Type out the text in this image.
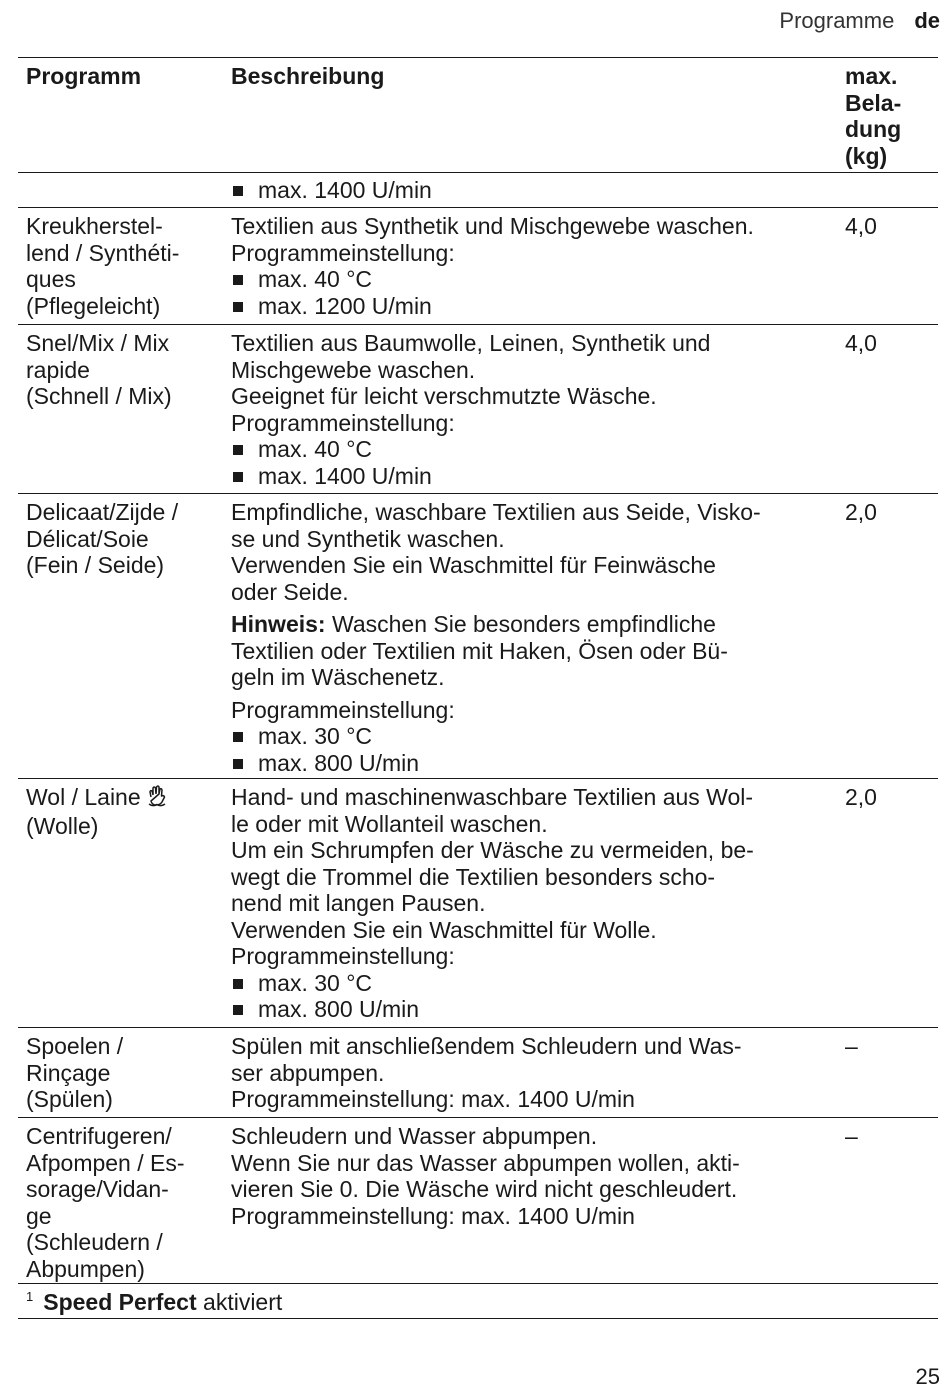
Programme de
Programm	Beschreibung	max.
Bela-
dung
(kg)
max. 1400 U/min
Kreukherstel-
lend / Synthéti-
ques
(Pflegeleicht)
Textilien aus Synthetik und Mischgewebe waschen.
Programmeinstellung:
max. 40 °C
max. 1200 U/min
4,0
Snel/Mix / Mix
rapide
(Schnell / Mix)
Textilien aus Baumwolle, Leinen, Synthetik und
Mischgewebe waschen.
Geeignet für leicht verschmutzte Wäsche.
Programmeinstellung:
max. 40 °C
max. 1400 U/min
4,0
Delicaat/Zijde /
Délicat/Soie
(Fein / Seide)
Empfindliche, waschbare Textilien aus Seide, Visko-
se und Synthetik waschen.
Verwenden Sie ein Waschmittel für Feinwäsche
oder Seide.
Hinweis: Waschen Sie besonders empfindliche
Textilien oder Textilien mit Haken, Ösen oder Bü-
geln im Wäschenetz.
Programmeinstellung:
max. 30 °C
max. 800 U/min
2,0
Wol / Laine
(Wolle)
Hand- und maschinenwaschbare Textilien aus Wol-
le oder mit Wollanteil waschen.
Um ein Schrumpfen der Wäsche zu vermeiden, be-
wegt die Trommel die Textilien besonders scho-
nend mit langen Pausen.
Verwenden Sie ein Waschmittel für Wolle.
Programmeinstellung:
max. 30 °C
max. 800 U/min
2,0
Spoelen /
Rinçage
(Spülen)
Spülen mit anschließendem Schleudern und Was-
ser abpumpen.
Programmeinstellung: max. 1400 U/min
–
Centrifugeren/
Afpompen / Es-
sorage/Vidan-
ge
(Schleudern /
Abpumpen)
Schleudern und Wasser abpumpen.
Wenn Sie nur das Wasser abpumpen wollen, akti-
vieren Sie 0. Die Wäsche wird nicht geschleudert.
Programmeinstellung: max. 1400 U/min
–
$^1$ Speed Perfect aktiviert
25
